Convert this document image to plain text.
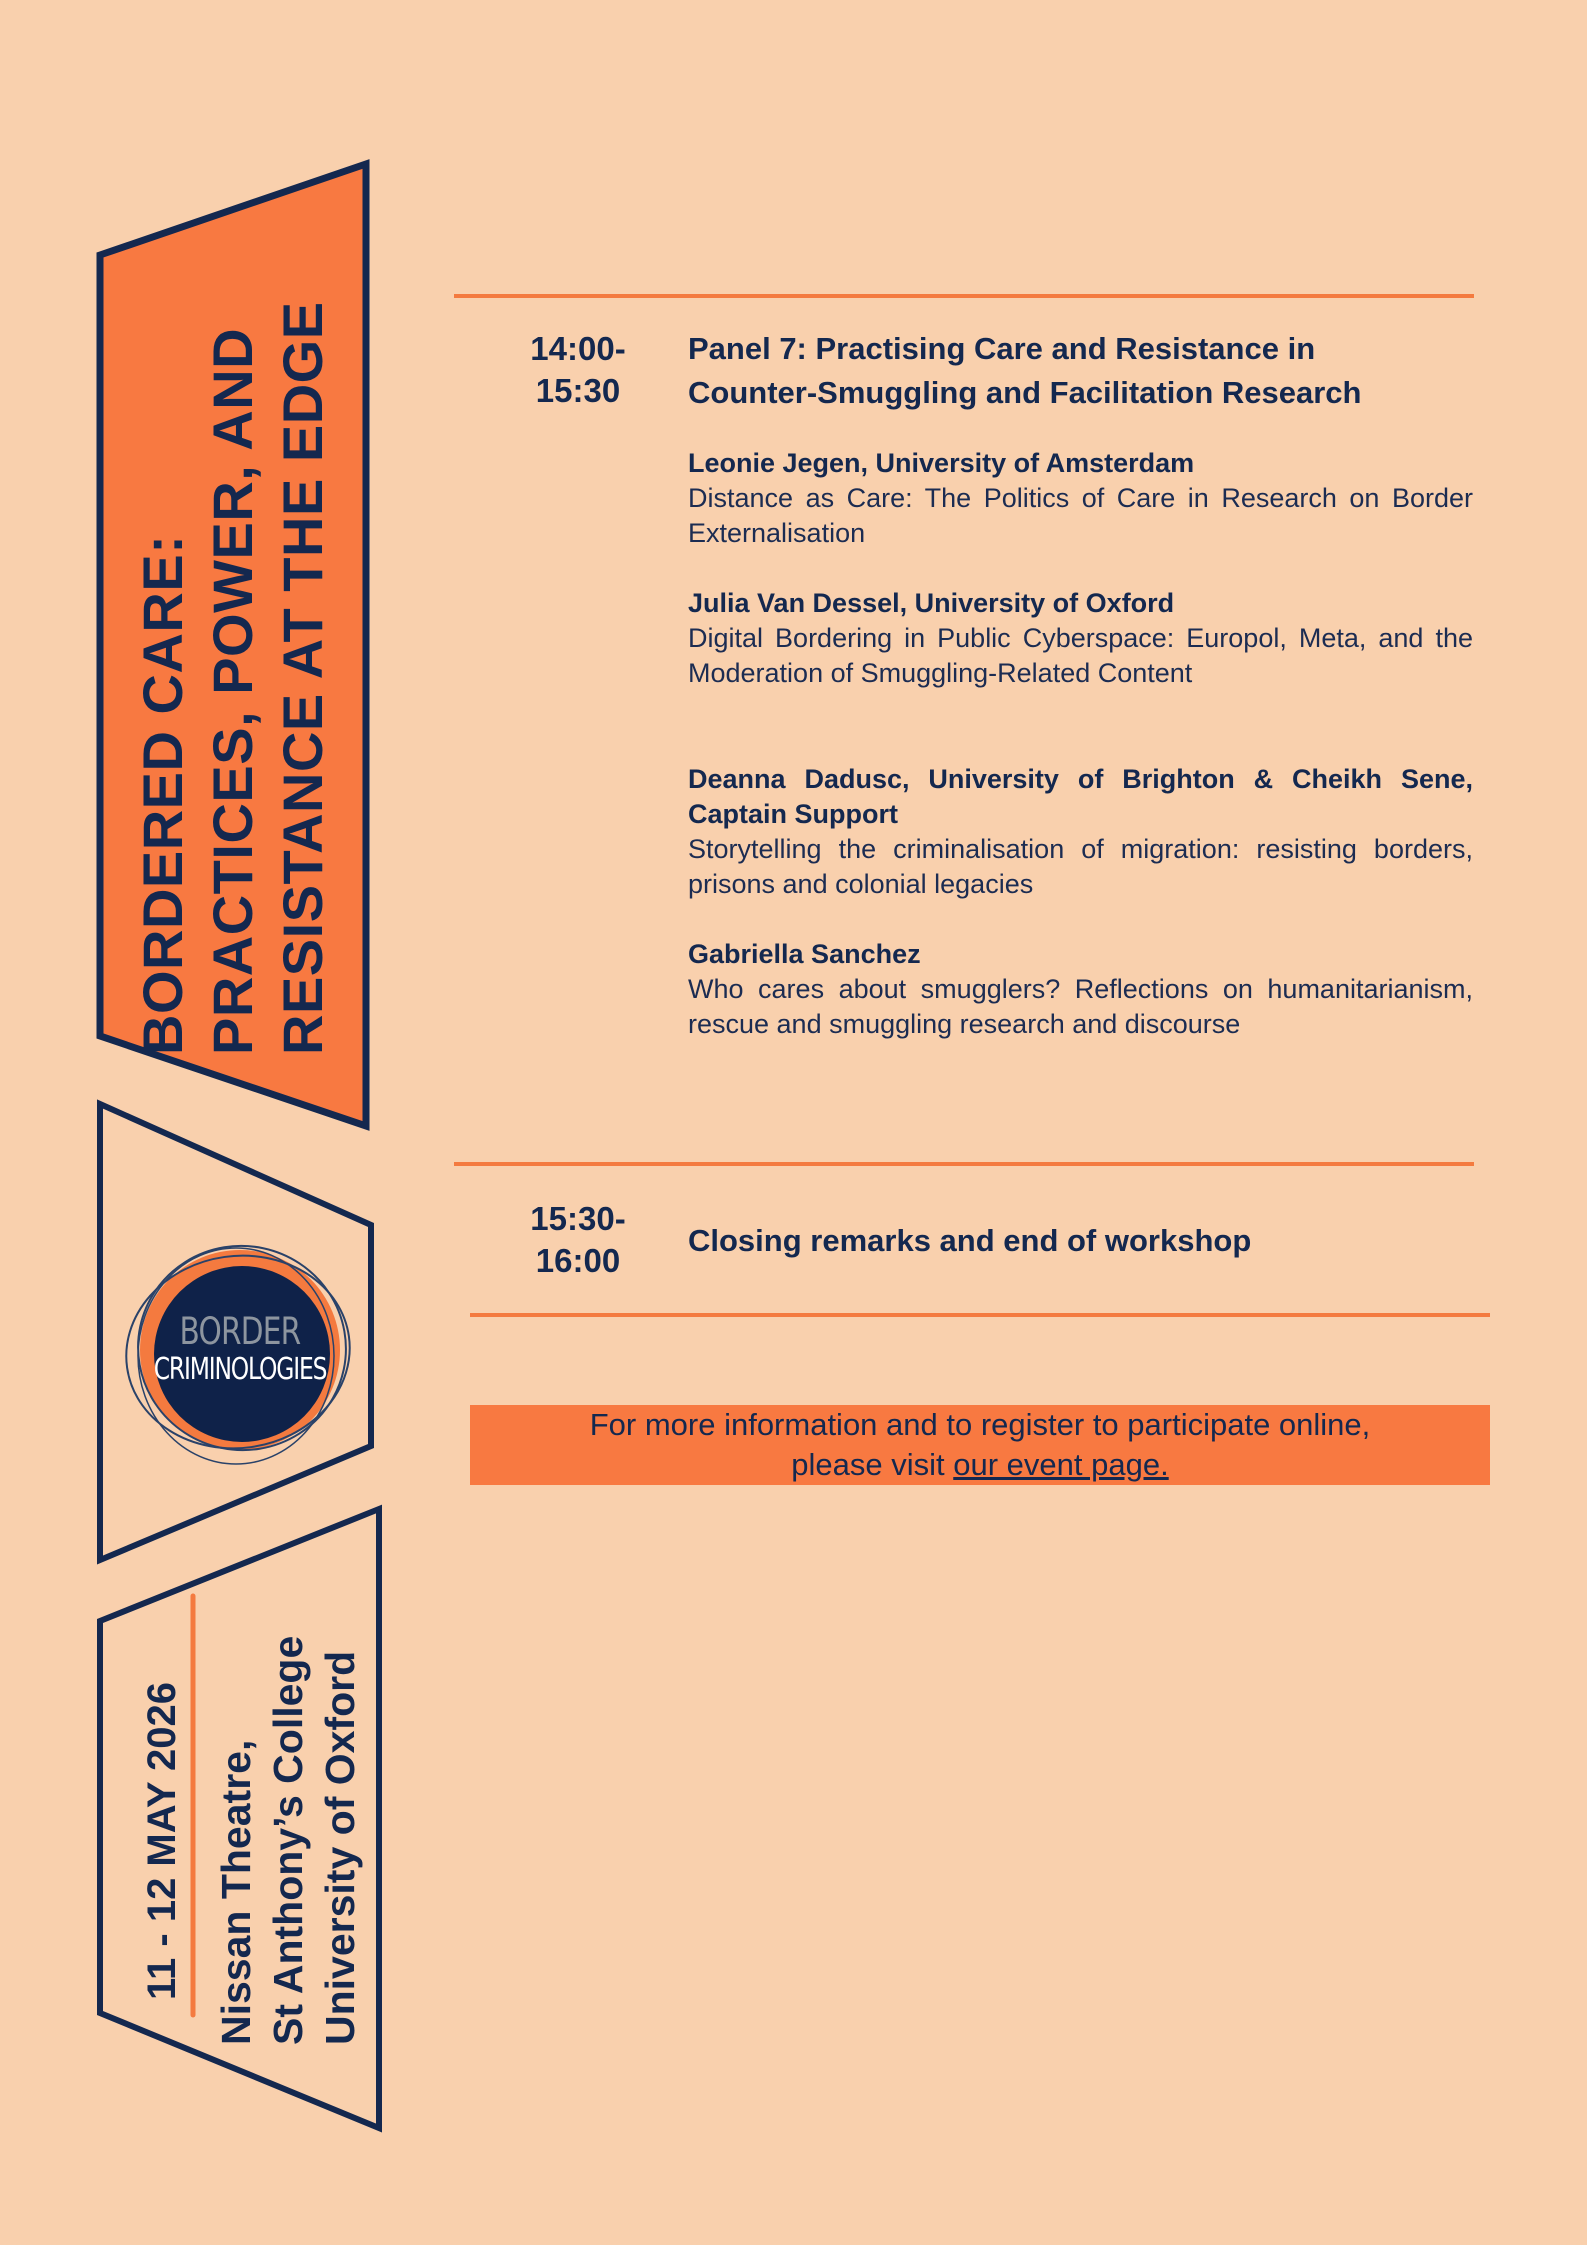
BORDERED CARE: PRACTICES, POWER, AND RESISTANCE AT THE EDGE
BORDER
CRIMINOLOGIES
11 - 12 MAY 2026 Nissan Theatre, St Anthony’s College University of Oxford
14:00-
15:30
Panel 7: Practising Care and Resistance in
Counter-Smuggling and Facilitation Research
Leonie Jegen, University of Amsterdam
Distance as Care: The Politics of Care in Research on Border Externalisation
Julia Van Dessel, University of Oxford
Digital Bordering in Public Cyberspace: Europol, Meta, and the Moderation of Smuggling-Related Content
Deanna Dadusc, University of Brighton & Cheikh Sene, Captain Support
Storytelling the criminalisation of migration: resisting borders, prisons and colonial legacies
Gabriella Sanchez
Who cares about smugglers? Reflections on humanitarianism, rescue and smuggling research and discourse
15:30-
16:00
Closing remarks and end of workshop
For more information and to register to participate online,
please visit our event page.
